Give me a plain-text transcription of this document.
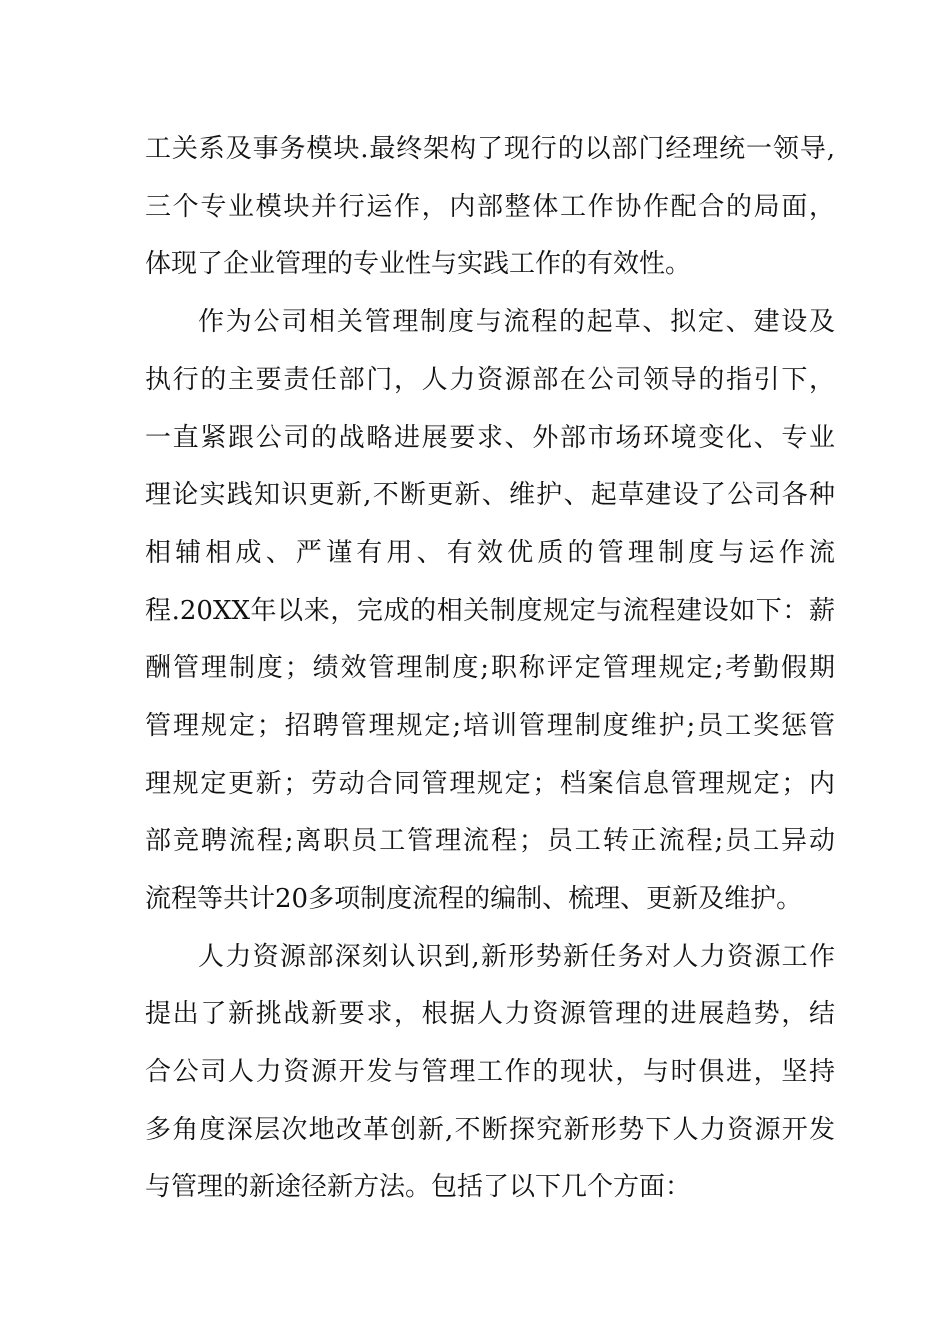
工关系及事务模块.最终架构了现行的以部门经理统一领导,
三个专业模块并行运作，内部整体工作协作配合的局面，
体现了企业管理的专业性与实践工作的有效性。
作为公司相关管理制度与流程的起草、拟定、建设及
执行的主要责任部门，人力资源部在公司领导的指引下，
一直紧跟公司的战略进展要求、外部市场环境变化、专业
理论实践知识更新,不断更新、维护、起草建设了公司各种
相辅相成、严谨有用、有效优质的管理制度与运作流
程.20XX年以来，完成的相关制度规定与流程建设如下：薪
酬管理制度；绩效管理制度;职称评定管理规定;考勤假期
管理规定；招聘管理规定;培训管理制度维护;员工奖惩管
理规定更新；劳动合同管理规定；档案信息管理规定；内
部竞聘流程;离职员工管理流程；员工转正流程;员工异动
流程等共计20多项制度流程的编制、梳理、更新及维护。
人力资源部深刻认识到,新形势新任务对人力资源工作
提出了新挑战新要求，根据人力资源管理的进展趋势，结
合公司人力资源开发与管理工作的现状，与时俱进，坚持
多角度深层次地改革创新,不断探究新形势下人力资源开发
与管理的新途径新方法。包括了以下几个方面：
